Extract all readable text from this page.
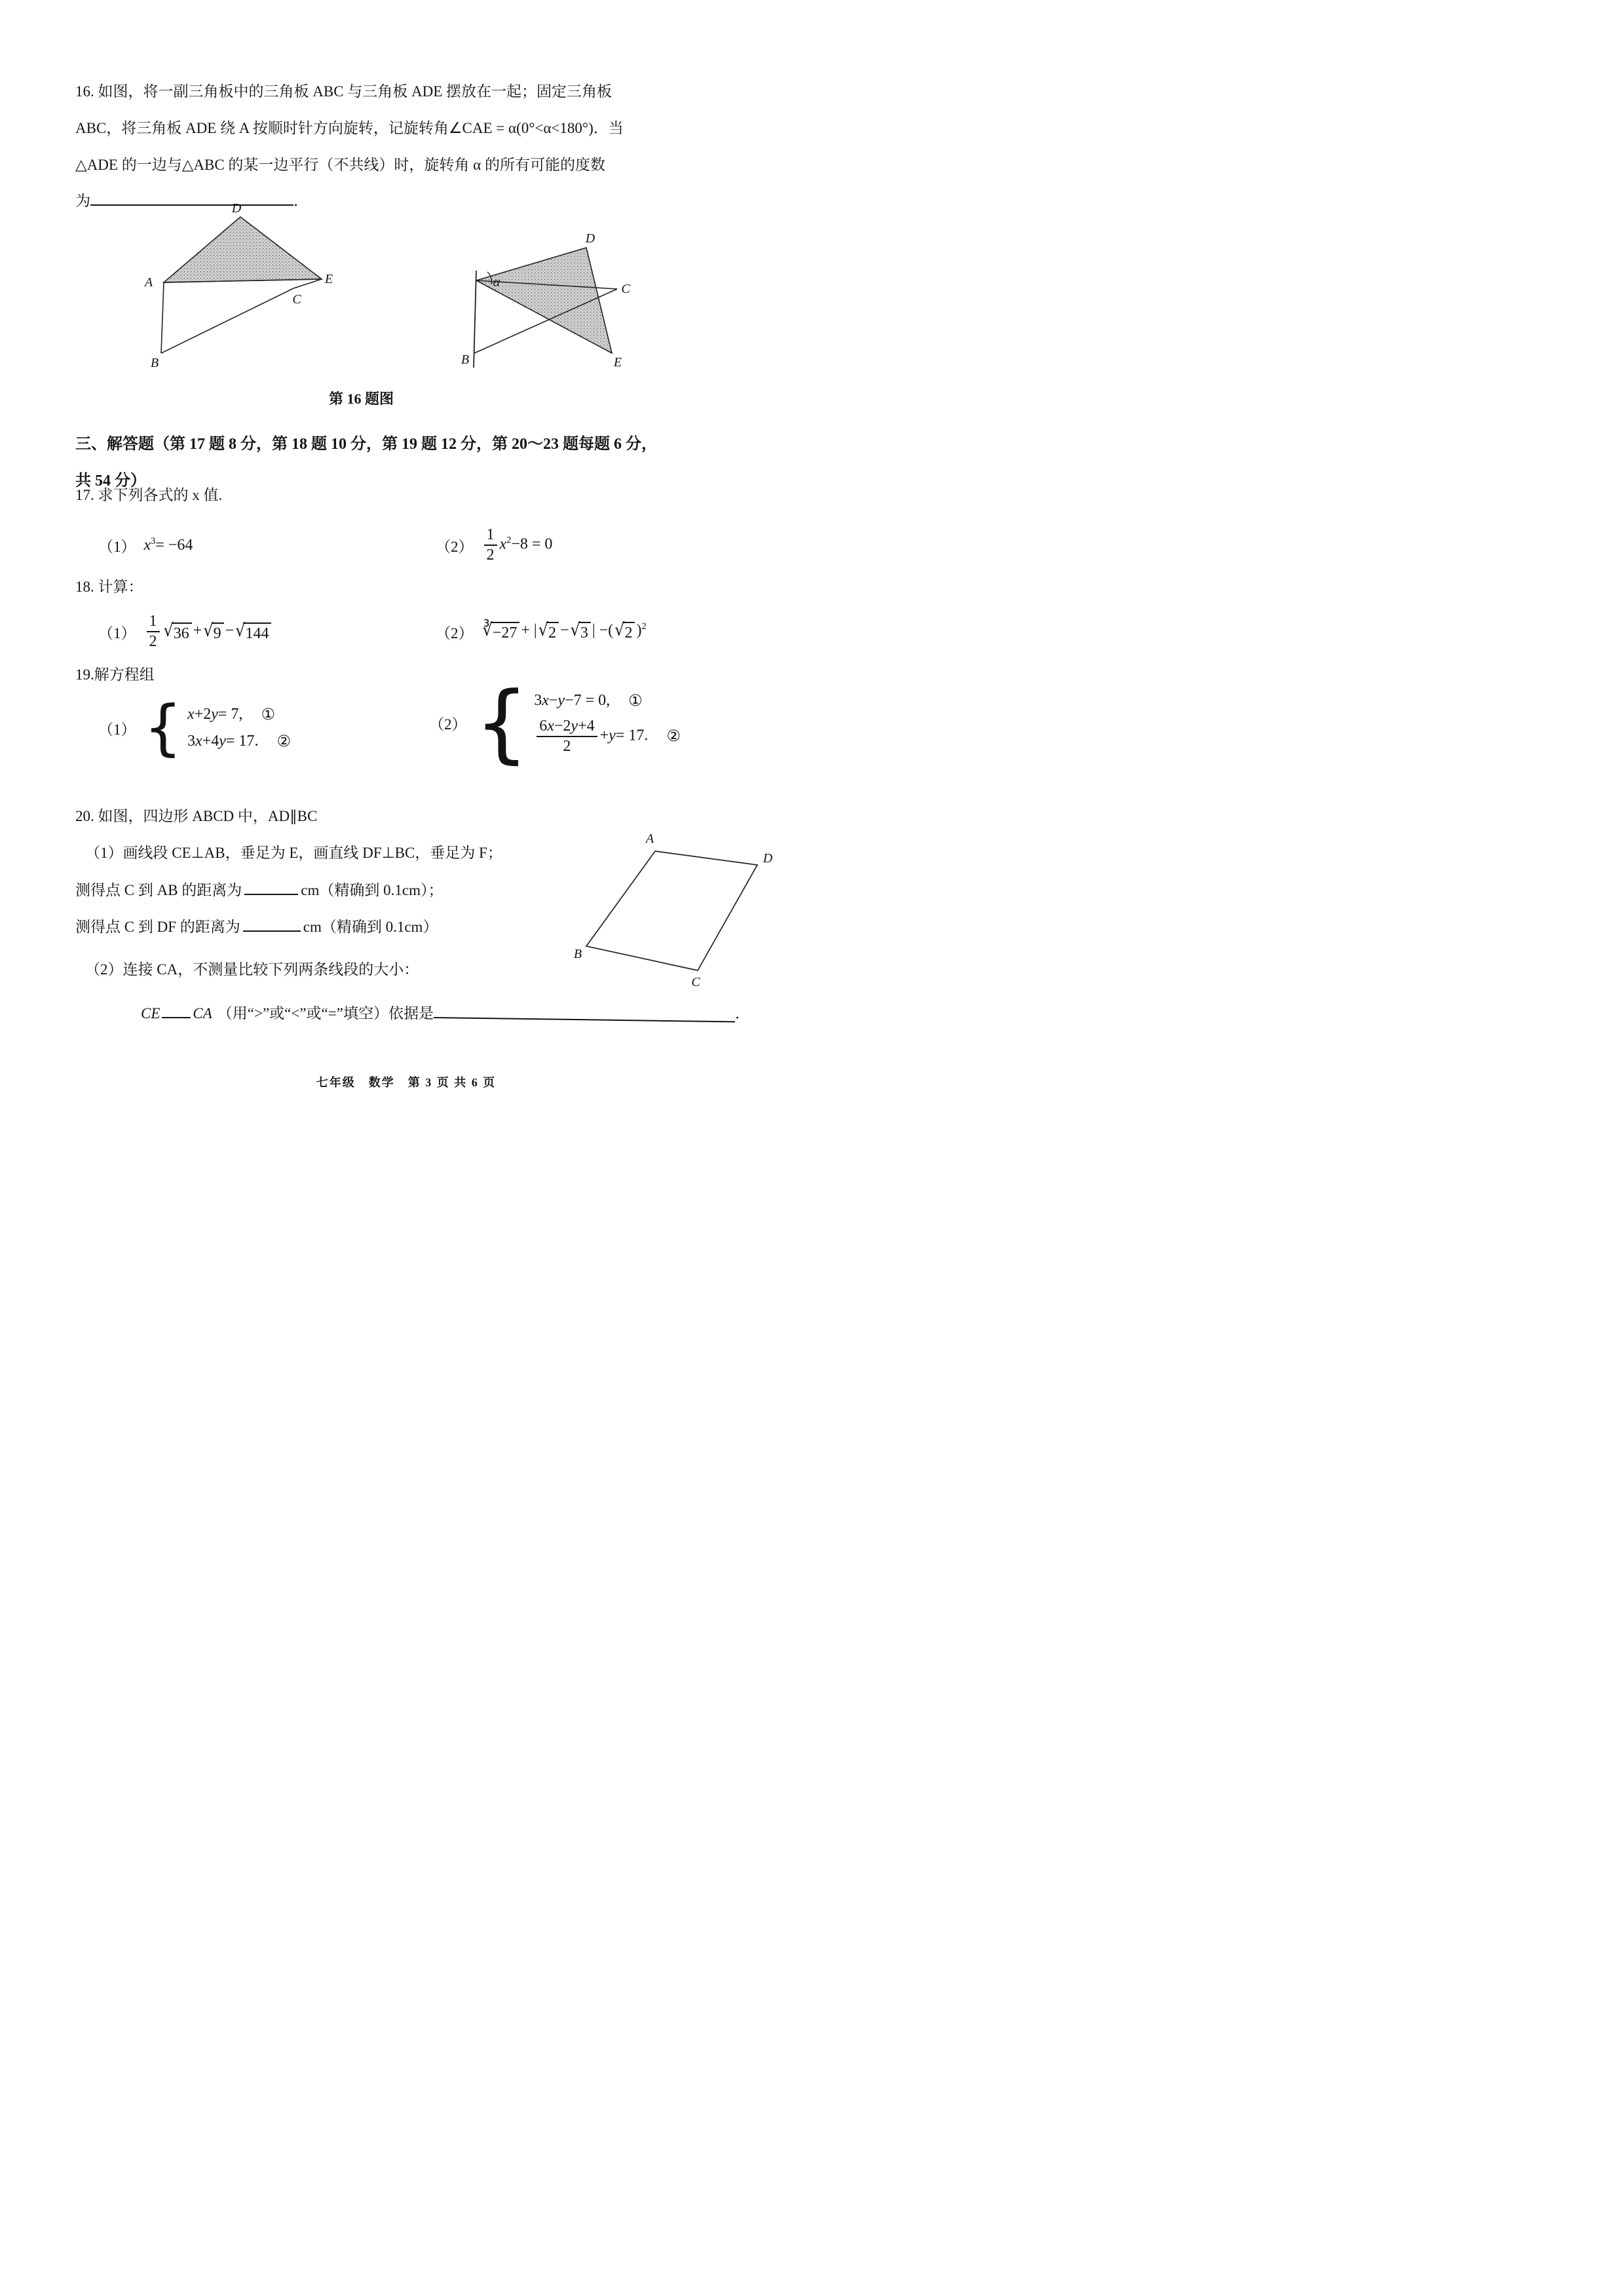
16. 如图，将一副三角板中的三角板 ABC 与三角板 ADE 摆放在一起；固定三角板
ABC，将三角板 ADE 绕 A 按顺时针方向旋转，记旋转角∠CAE = α(0°<α<180°)．当
△ADE 的一边与△ABC 的某一边平行（不共线）时，旋转角 α 的所有可能的度数
为	．
D
A	E
C
B
D
C
E
B
α
第 16 题图
三、解答题（第 17 题 8 分，第 18 题 10 分，第 19 题 12 分，第 20～23 题每题 6 分，
共 54 分）
17. 求下列各式的 x 值.
（1） $x^3= -64$	$(2) \frac{1}{2} x^2-8 = 0$
18. 计算：
$(1) \frac{1}{2}$ √ 36 + √ 9 − √ 144	（2） ∛ −27 + | √ 2 − √ 3 | −( √ 2 )$^2$
19.解方程组
（1） { x+2y= 7, ①
3x+4y= 17. ②
（2） { 3x−y−7 = 0, ①
$\frac{6x-2y+4}{2} +y= 17$. ②
20. 如图，四边形 ABCD 中，AD∥BC
（1）画线段 CE⊥AB，垂足为 E，画直线 DF⊥BC，垂足为 F；
测得点 C 到 AB 的距离为	cm（精确到 0.1cm）；
测得点 C 到 DF 的距离为	cm（精确到 0.1cm）
（2）连接 CA，不测量比较下列两条线段的大小：
CE CA （用“>”或“<”或“=”填空）依据是	．
A
D
B
C
七年级　数学　第 3 页 共 6 页
